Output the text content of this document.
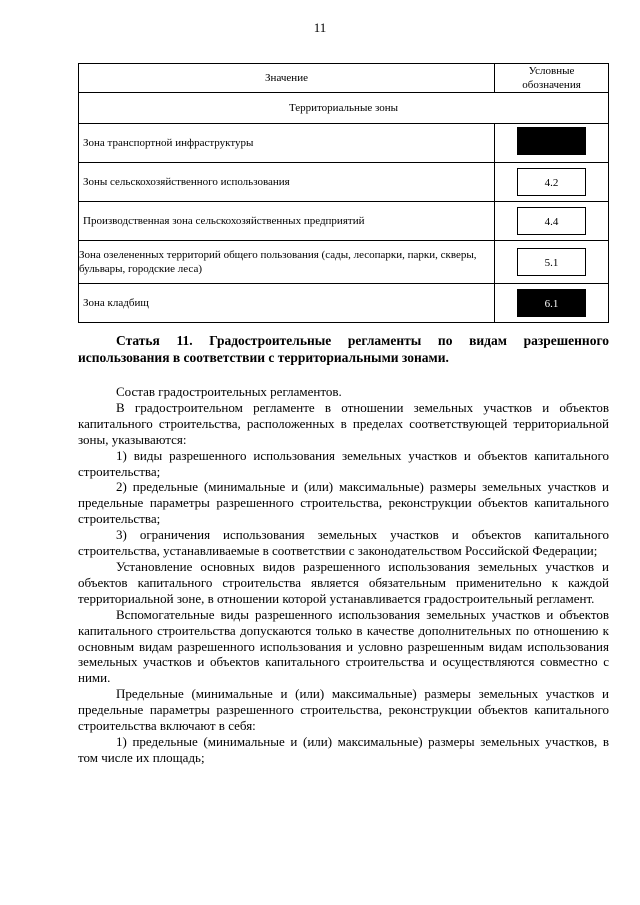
11
Значение	Условные обозначения
Территориальные зоны	
Зона транспортной инфраструктуры	
Зоны сельскохозяйственного использования	4.2
Производственная зона сельскохозяйственных предприятий	4.4
Зона озелененных территорий общего пользования (сады, лесопарки, парки, скверы, бульвары, городские леса)	5.1
Зона кладбищ	6.1
Статья 11. Градостроительные регламенты по видам разрешенного использования в соответствии с территориальными зонами.

Состав градостроительных регламентов.

В градостроительном регламенте в отношении земельных участков и объектов капитального строительства, расположенных в пределах соответствующей территориальной зоны, указываются:

1) виды разрешенного использования земельных участков и объектов капитального строительства;

2) предельные (минимальные и (или) максимальные) размеры земельных участков и предельные параметры разрешенного строительства, реконструкции объектов капитального строительства;

3) ограничения использования земельных участков и объектов капитального строительства, устанавливаемые в соответствии с законодательством Российской Федерации;

Установление основных видов разрешенного использования земельных участков и объектов капитального строительства является обязательным применительно к каждой территориальной зоне, в отношении которой устанавливается градостроительный регламент.

Вспомогательные виды разрешенного использования земельных участков и объектов капитального строительства допускаются только в качестве дополнительных по отношению к основным видам разрешенного использования и условно разрешенным видам использования земельных участков и объектов капитального строительства и осуществляются совместно с ними.

Предельные (минимальные и (или) максимальные) размеры земельных участков и предельные параметры разрешенного строительства, реконструкции объектов капитального строительства включают в себя:

1) предельные (минимальные и (или) максимальные) размеры земельных участков, в том числе их площадь;
